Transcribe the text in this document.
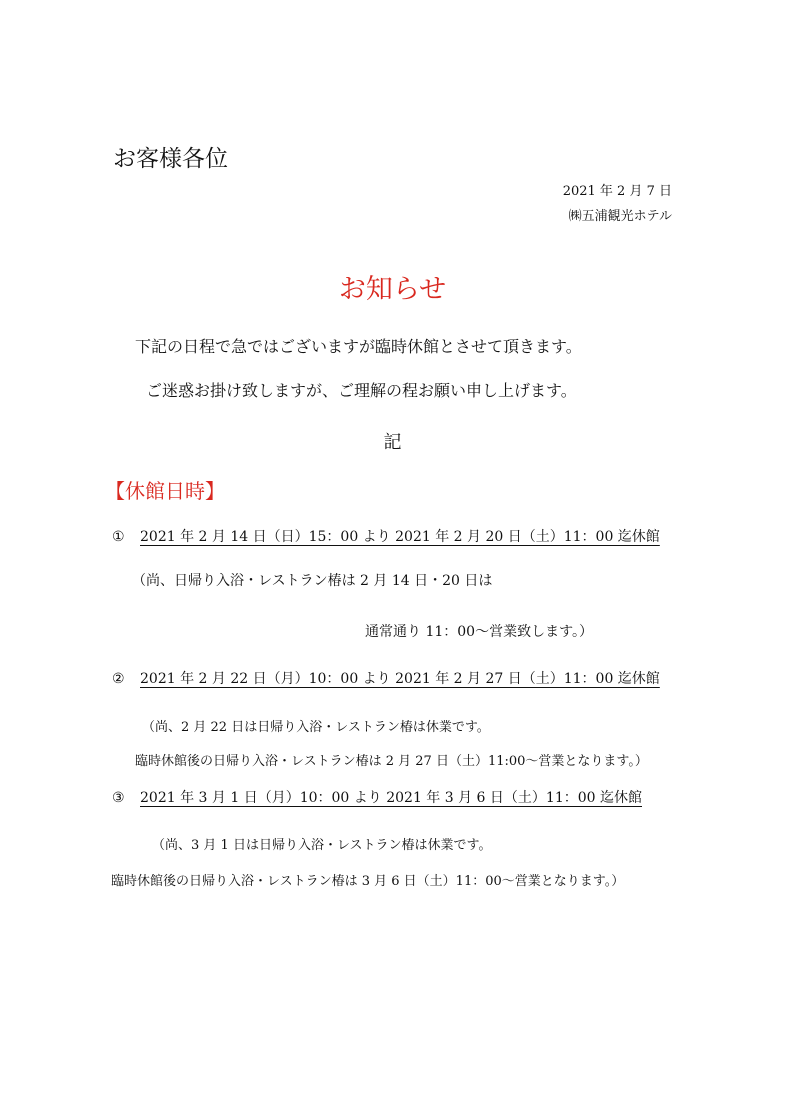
お客様各位
2021 年 2 月 7 日
㈱五浦観光ホテル
お知らせ
下記の日程で急ではございますが臨時休館とさせて頂きます。
ご迷惑お掛け致しますが、ご理解の程お願い申し上げます。
記
【休館日時】
① 2021 年 2 月 14 日（日）15：00 より 2021 年 2 月 20 日（土）11：00 迄休館
（尚、日帰り入浴・レストラン椿は 2 月 14 日・20 日は
通常通り 11：00～営業致します。）
② 2021 年 2 月 22 日（月）10：00 より 2021 年 2 月 27 日（土）11：00 迄休館
（尚、2 月 22 日は日帰り入浴・レストラン椿は休業です。
臨時休館後の日帰り入浴・レストラン椿は 2 月 27 日（土）11:00～営業となります。）
③ 2021 年 3 月 1 日（月）10：00 より 2021 年 3 月 6 日（土）11：00 迄休館
（尚、3 月 1 日は日帰り入浴・レストラン椿は休業です。
臨時休館後の日帰り入浴・レストラン椿は 3 月 6 日（土）11：00～営業となります。）
